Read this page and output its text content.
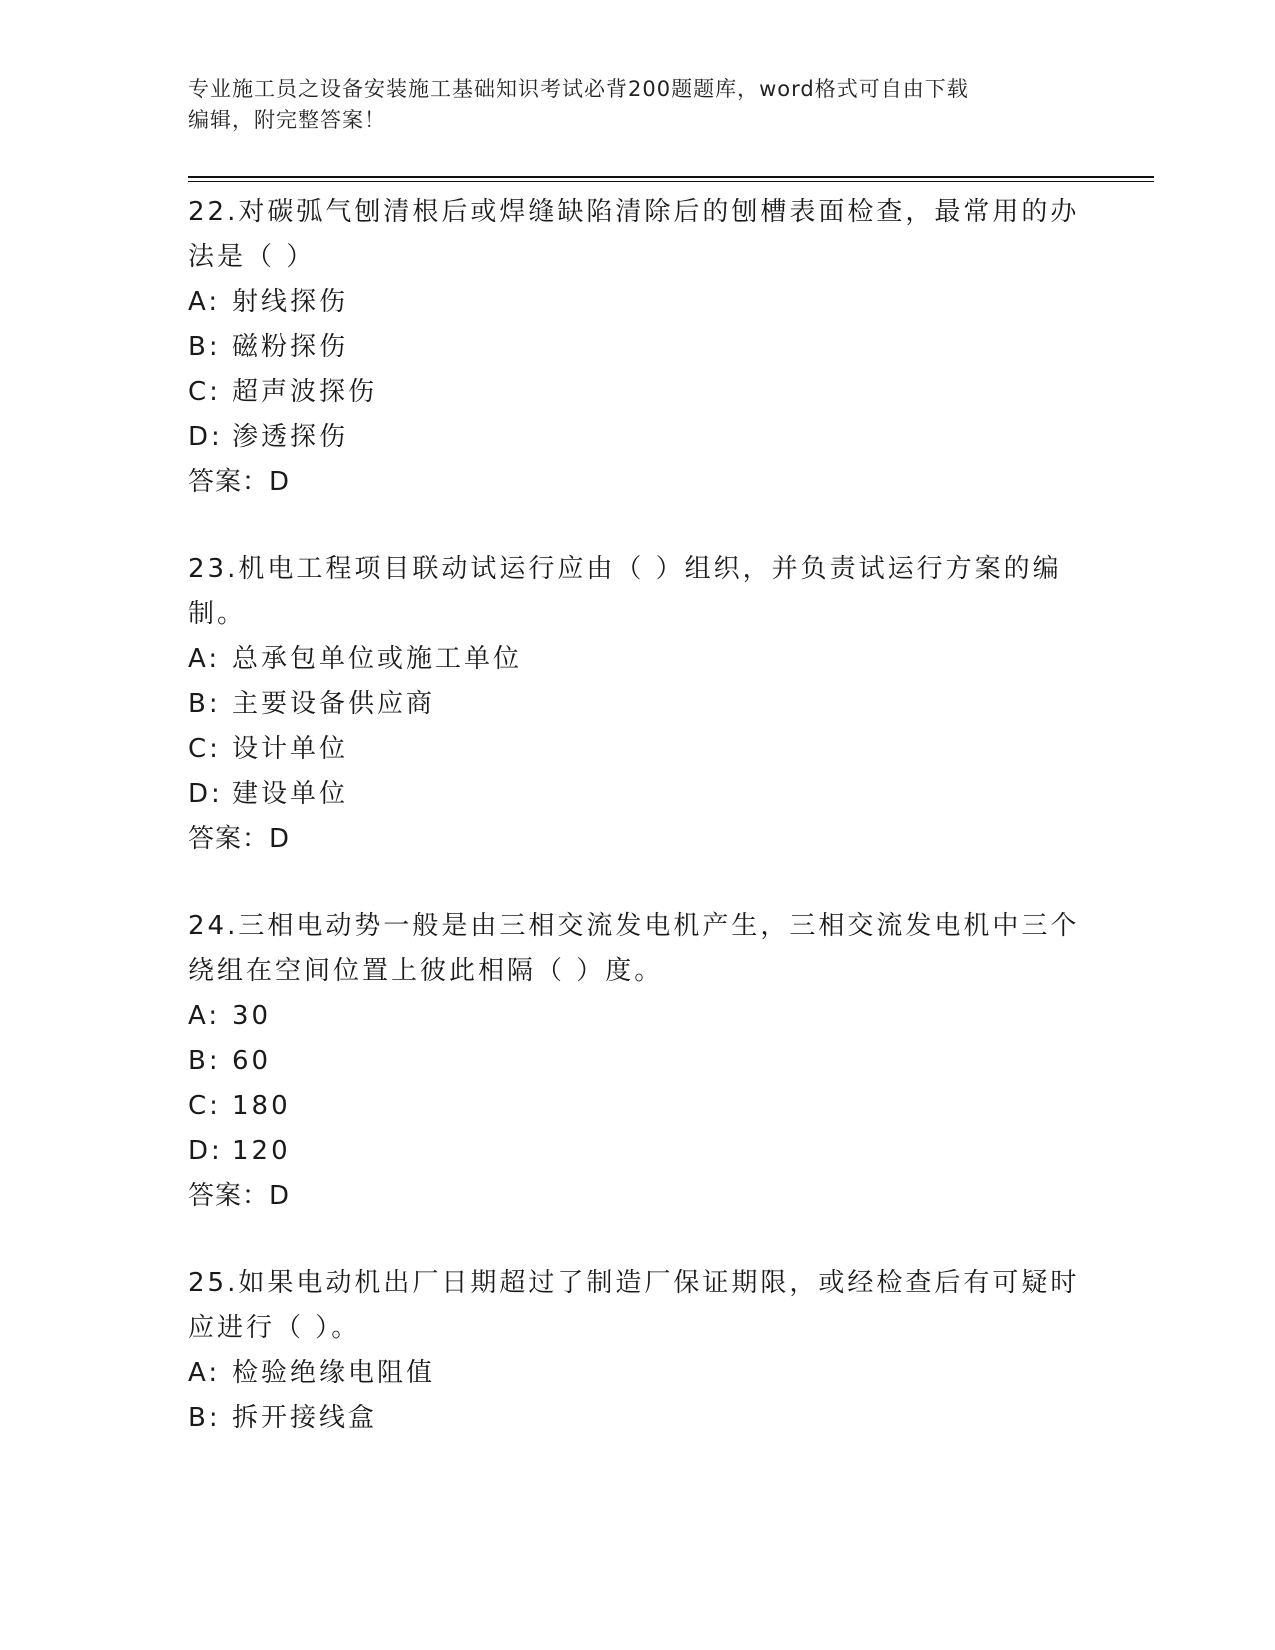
专业施工员之设备安装施工基础知识考试必背200题题库，word格式可自由下载
编辑，附完整答案！

22.对碳弧气刨清根后或焊缝缺陷清除后的刨槽表面检查，最常用的办

法是（ ）

A: 射线探伤

B: 磁粉探伤

C: 超声波探伤

D: 渗透探伤

答案：D

23.机电工程项目联动试运行应由（ ）组织，并负责试运行方案的编

制。

A: 总承包单位或施工单位

B: 主要设备供应商

C: 设计单位

D: 建设单位

答案：D

24.三相电动势一般是由三相交流发电机产生，三相交流发电机中三个

绕组在空间位置上彼此相隔（ ）度。

A: 30

B: 60

C: 180

D: 120

答案：D

25.如果电动机出厂日期超过了制造厂保证期限，或经检查后有可疑时

应进行（ ）。

A: 检验绝缘电阻值

B: 拆开接线盒
